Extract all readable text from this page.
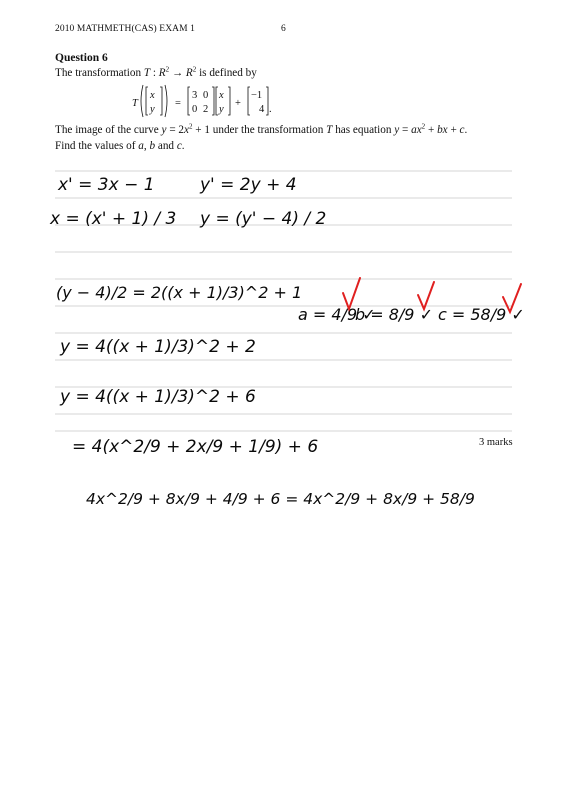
2010 MATHMETH(CAS) EXAM 1	6
Question 6
The transformation T : $R^2 \to R^2$ is defined by
T
x
y
=
3 0
0 2
x
y
+
−1
4 .
The image of the curve $y = 2x^2 + 1$ under the transformation T has equation $y = ax^2$ + bx + c.
Find the values of a, b and c.
x' = 3x − 1	y' = 2y + 4
x = (x' + 1) / 3 y = (y' − 4) / 2
(y − 4)/2 = 2((x + 1)/3)^2 + 1
a = 4/9 ✓
b = 8/9 ✓ c = 58/9 ✓
y = 4((x + 1)/3)^2 + 2
y = 4((x + 1)/3)^2 + 6
= 4(x^2/9 + 2x/9 + 1/9) + 6
4x^2/9 + 8x/9 + 4/9 + 6 = 4x^2/9 + 8x/9 + 58/9
3 marks
